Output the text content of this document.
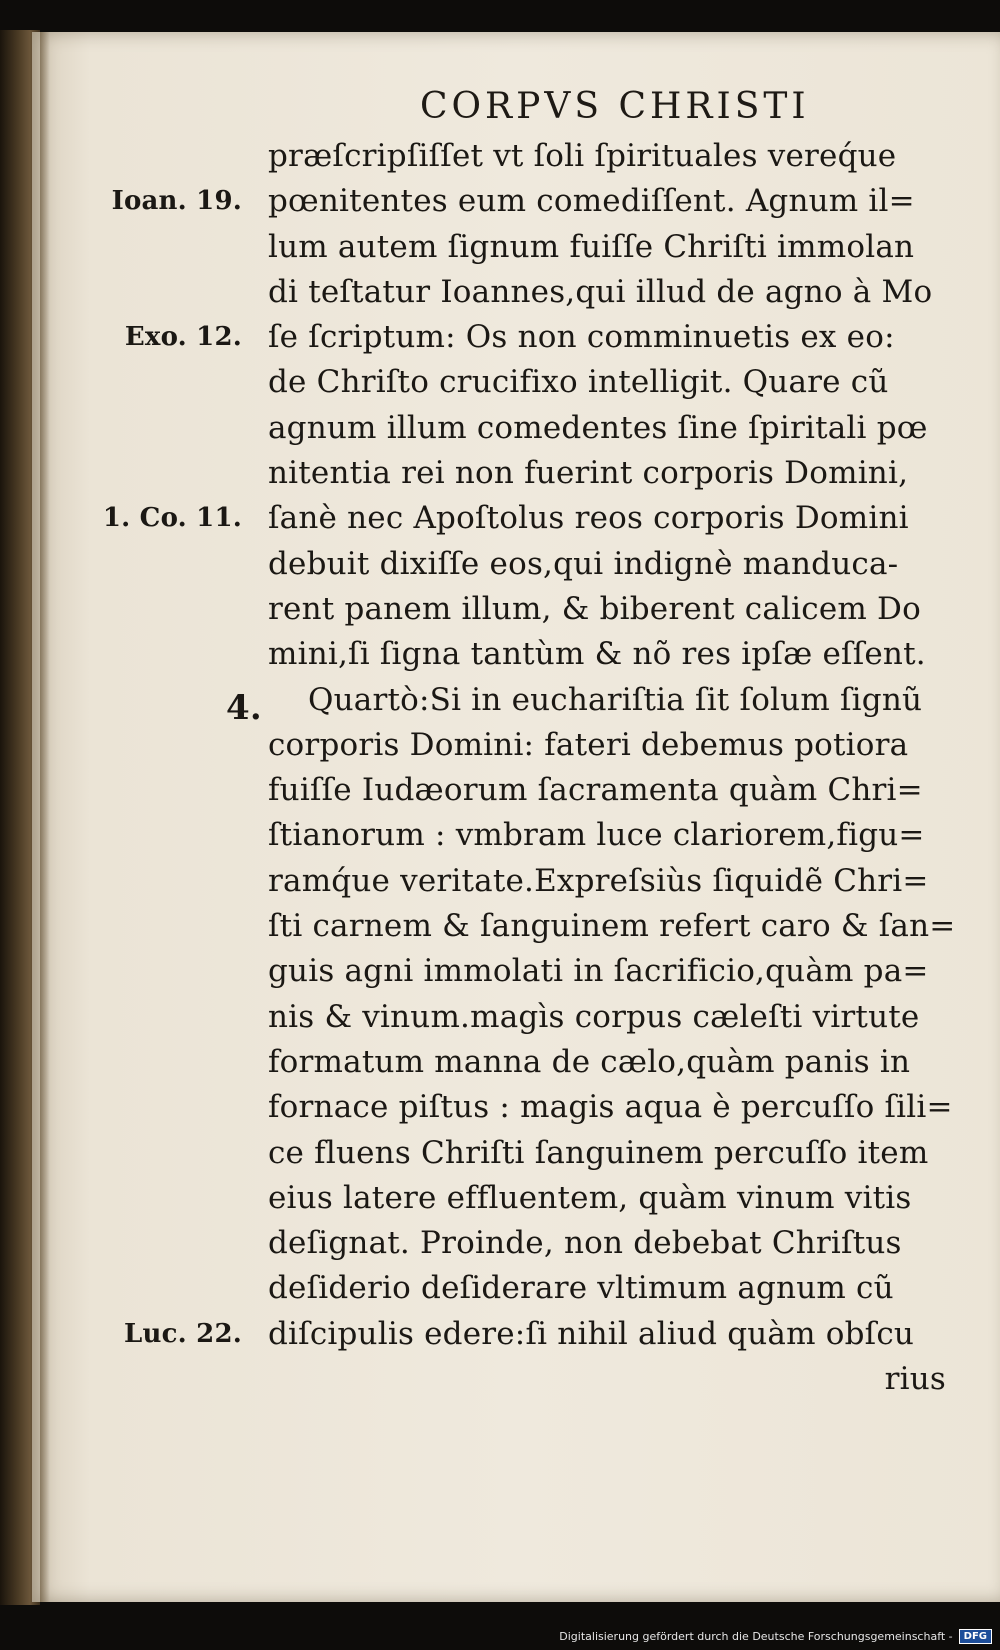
CORPVS CHRISTI
præſcripſiſſet vt ſoli ſpirituales vereq́ue
pœnitentes eum comediſſent. Agnum il=
Ioan. 19.
lum autem ſignum fuiſſe Chriſti immolan
di teſtatur Ioannes,qui illud de agno à Mo
ſe ſcriptum: Os non comminuetis ex eo:
Exo. 12.
de Chriſto crucifixo intelligit. Quare cũ
agnum illum comedentes ſine ſpiritali pœ
nitentia rei non fuerint corporis Domini,
ſanè nec Apoſtolus reos corporis Domini
1. Co. 11.
debuit dixiſſe eos,qui indignè manduca-
rent panem illum, & biberent calicem Do
mini,ſi ſigna tantùm & nõ res ipſæ eſſent.
Quartò:Si in euchariſtia ſit ſolum ſignũ
4.
corporis Domini: fateri debemus potiora
fuiſſe Iudæorum ſacramenta quàm Chri=
ſtianorum : vmbram luce clariorem,figu=
ramq́ue veritate.Expreſsiùs ſiquidẽ Chri=
ſti carnem & ſanguinem refert caro & ſan=
guis agni immolati in ſacrificio,quàm pa=
nis & vinum.magìs corpus cæleſti virtute
formatum manna de cælo,quàm panis in
fornace piſtus : magis aqua è percuſſo ſili=
ce fluens Chriſti ſanguinem percuſſo item
eius latere effluentem, quàm vinum vitis
deſignat. Proinde, non debebat Chriſtus
deſiderio deſiderare vltimum agnum cũ
diſcipulis edere:ſi nihil aliud quàm obſcu
Luc. 22.
rius
Digitalisierung gefördert durch die Deutsche Forschungsgemeinschaft -	DFG
